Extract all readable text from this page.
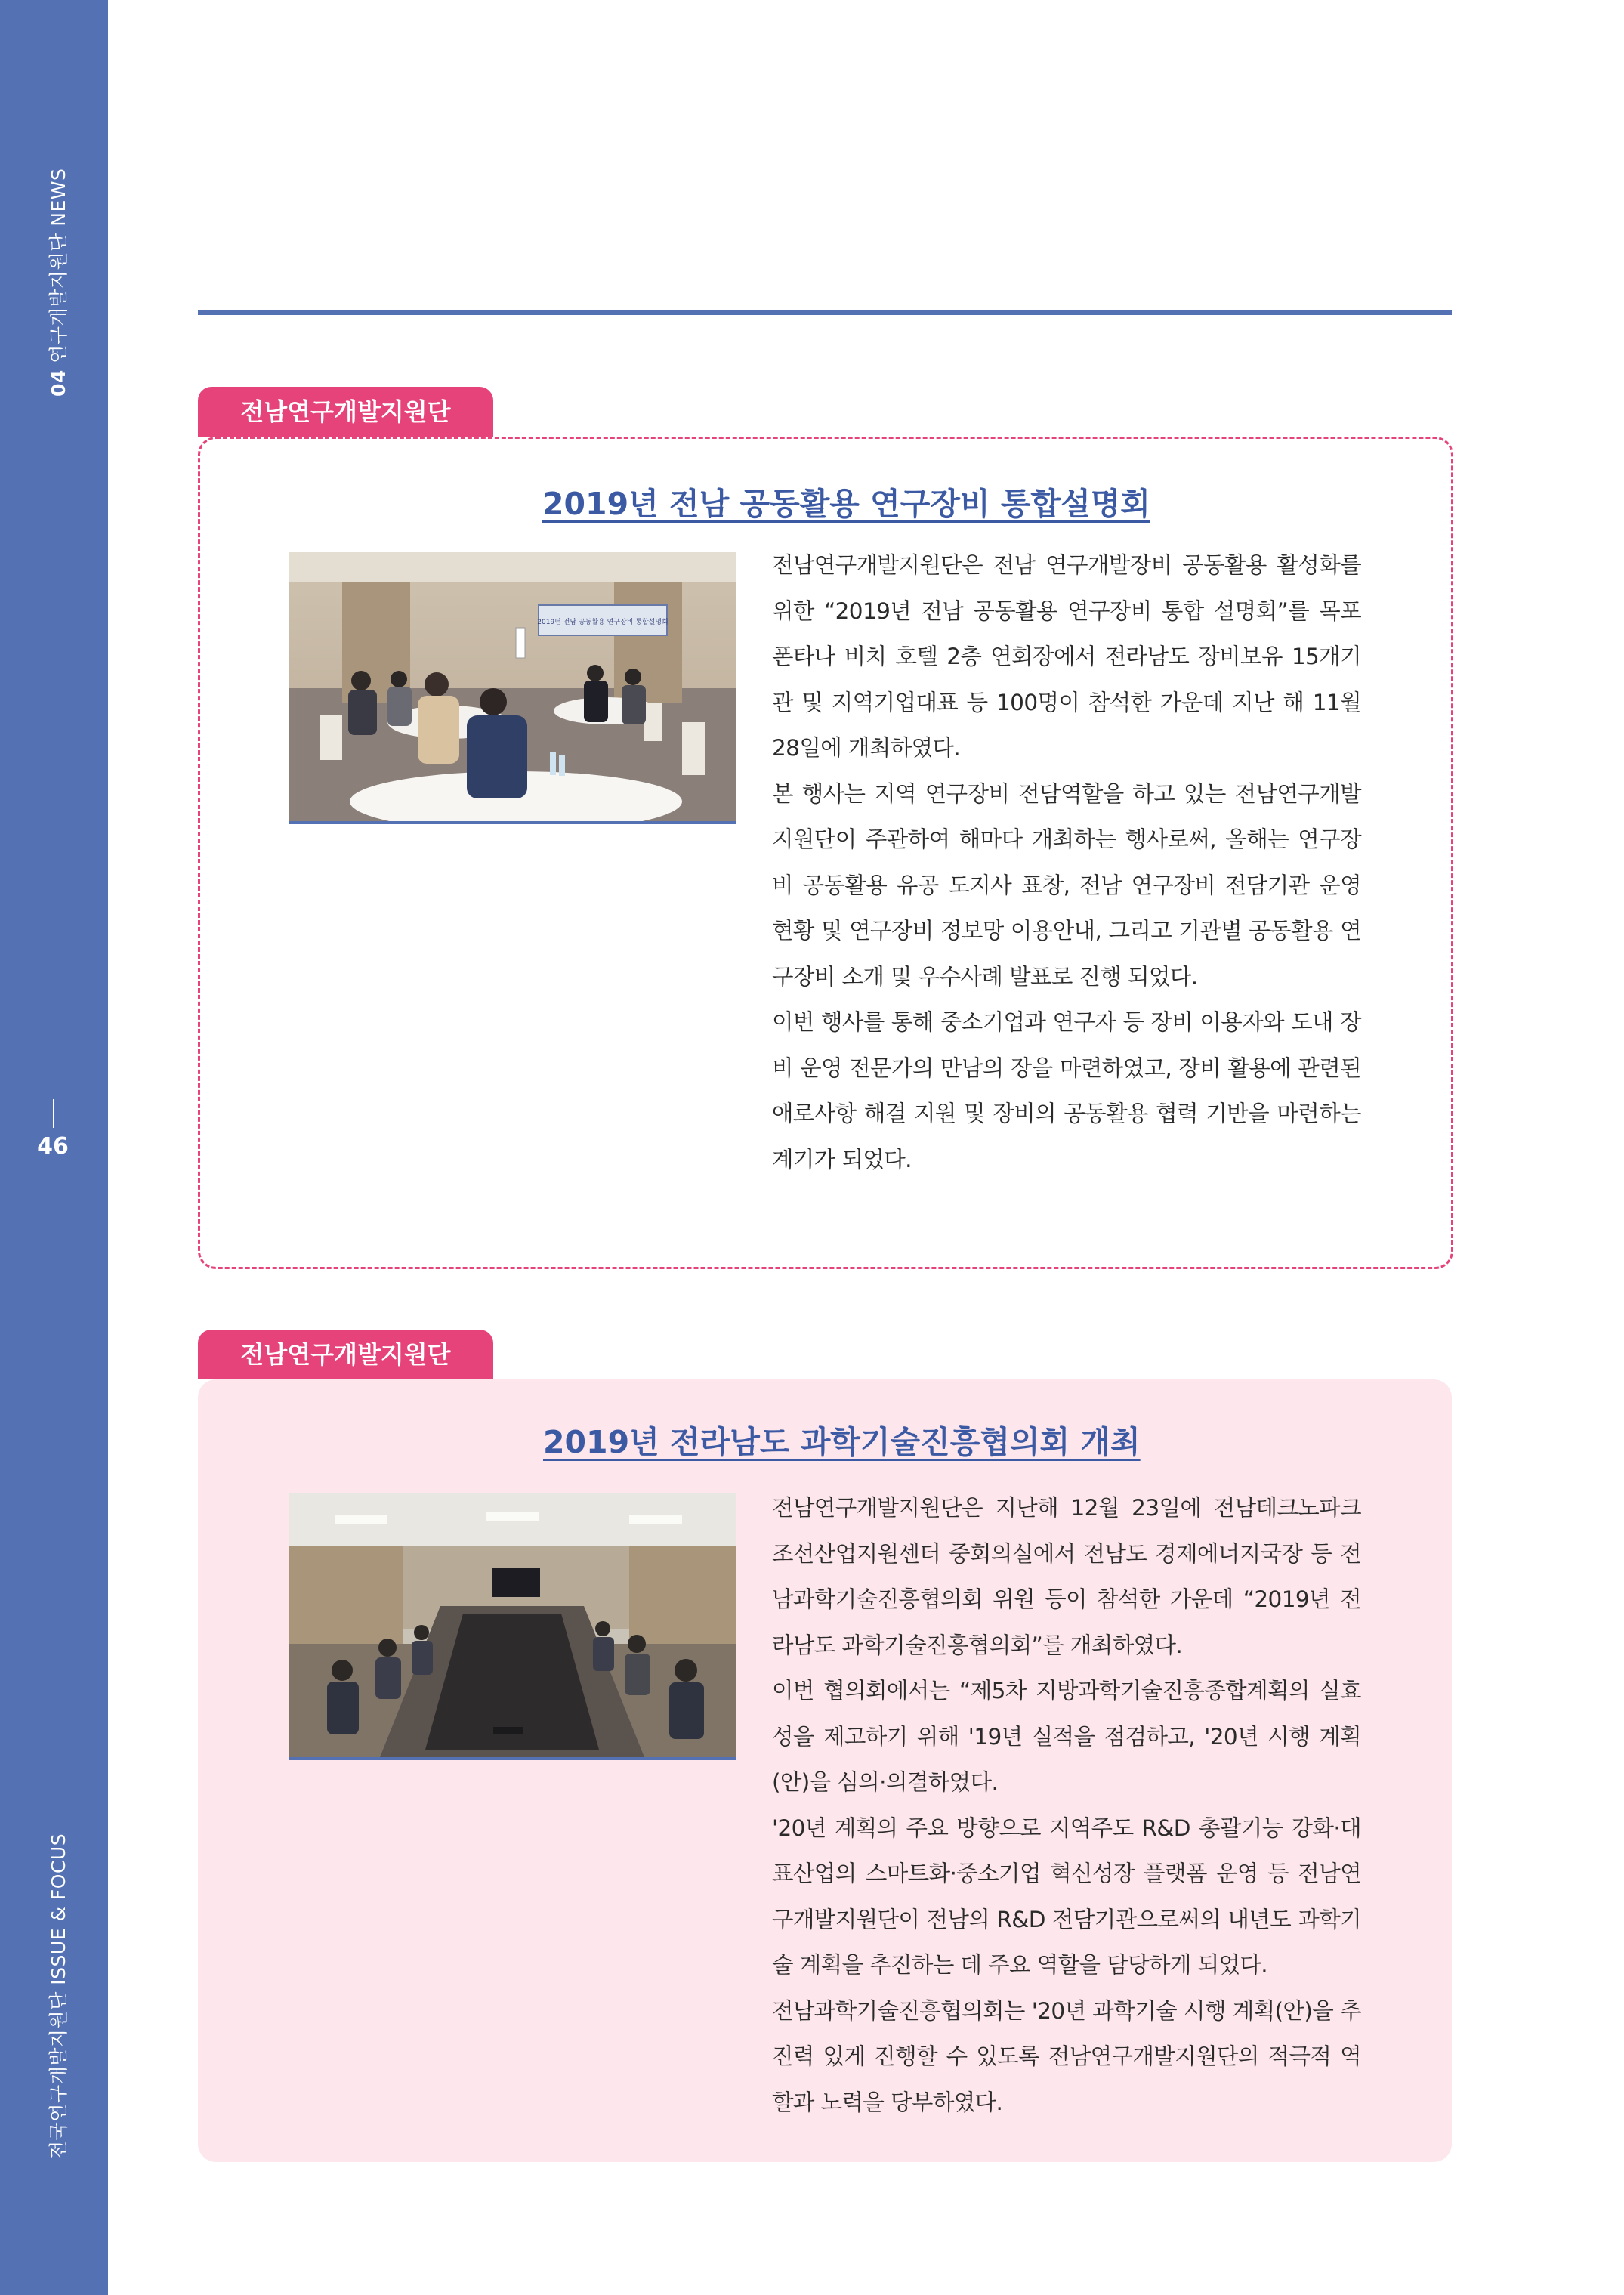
04 연구개발지원단 NEWS
46
전국연구개발지원단 ISSUE & FOCUS
전남연구개발지원단
2019년 전남 공동활용 연구장비 통합설명회
2019년 전남 공동활용 연구장비 통합설명회

전남연구개발지원단은 전남 연구개발장비 공동활용 활성화를 위한 “2019년 전남 공동활용 연구장비 통합 설명회”를 목포 폰타나 비치 호텔 2층 연회장에서 전라남도 장비보유 15개기관 및 지역기업대표 등 100명이 참석한 가운데 지난 해 11월 28일에 개최하였다.

본 행사는 지역 연구장비 전담역할을 하고 있는 전남연구개발지원단이 주관하여 해마다 개최하는 행사로써, 올해는 연구장비 공동활용 유공 도지사 표창, 전남 연구장비 전담기관 운영 현황 및 연구장비 정보망 이용안내, 그리고 기관별 공동활용 연구장비 소개 및 우수사례 발표로 진행 되었다.

이번 행사를 통해 중소기업과 연구자 등 장비 이용자와 도내 장비 운영 전문가의 만남의 장을 마련하였고, 장비 활용에 관련된 애로사항 해결 지원 및 장비의 공동활용 협력 기반을 마련하는 계기가 되었다.

전남연구개발지원단
2019년 전라남도 과학기술진흥협의회 개최

전남연구개발지원단은 지난해 12월 23일에 전남테크노파크 조선산업지원센터 중회의실에서 전남도 경제에너지국장 등 전남과학기술진흥협의회 위원 등이 참석한 가운데 “2019년 전라남도 과학기술진흥협의회”를 개최하였다.

이번 협의회에서는 “제5차 지방과학기술진흥종합계획의 실효성을 제고하기 위해 '19년 실적을 점검하고, '20년 시행 계획(안)을 심의·의결하였다.

'20년 계획의 주요 방향으로 지역주도 R&D 총괄기능 강화·대표산업의 스마트화·중소기업 혁신성장 플랫폼 운영 등 전남연구개발지원단이 전남의 R&D 전담기관으로써의 내년도 과학기술 계획을 추진하는 데 주요 역할을 담당하게 되었다.

전남과학기술진흥협의회는 '20년 과학기술 시행 계획(안)을 추진력 있게 진행할 수 있도록 전남연구개발지원단의 적극적 역할과 노력을 당부하였다.
